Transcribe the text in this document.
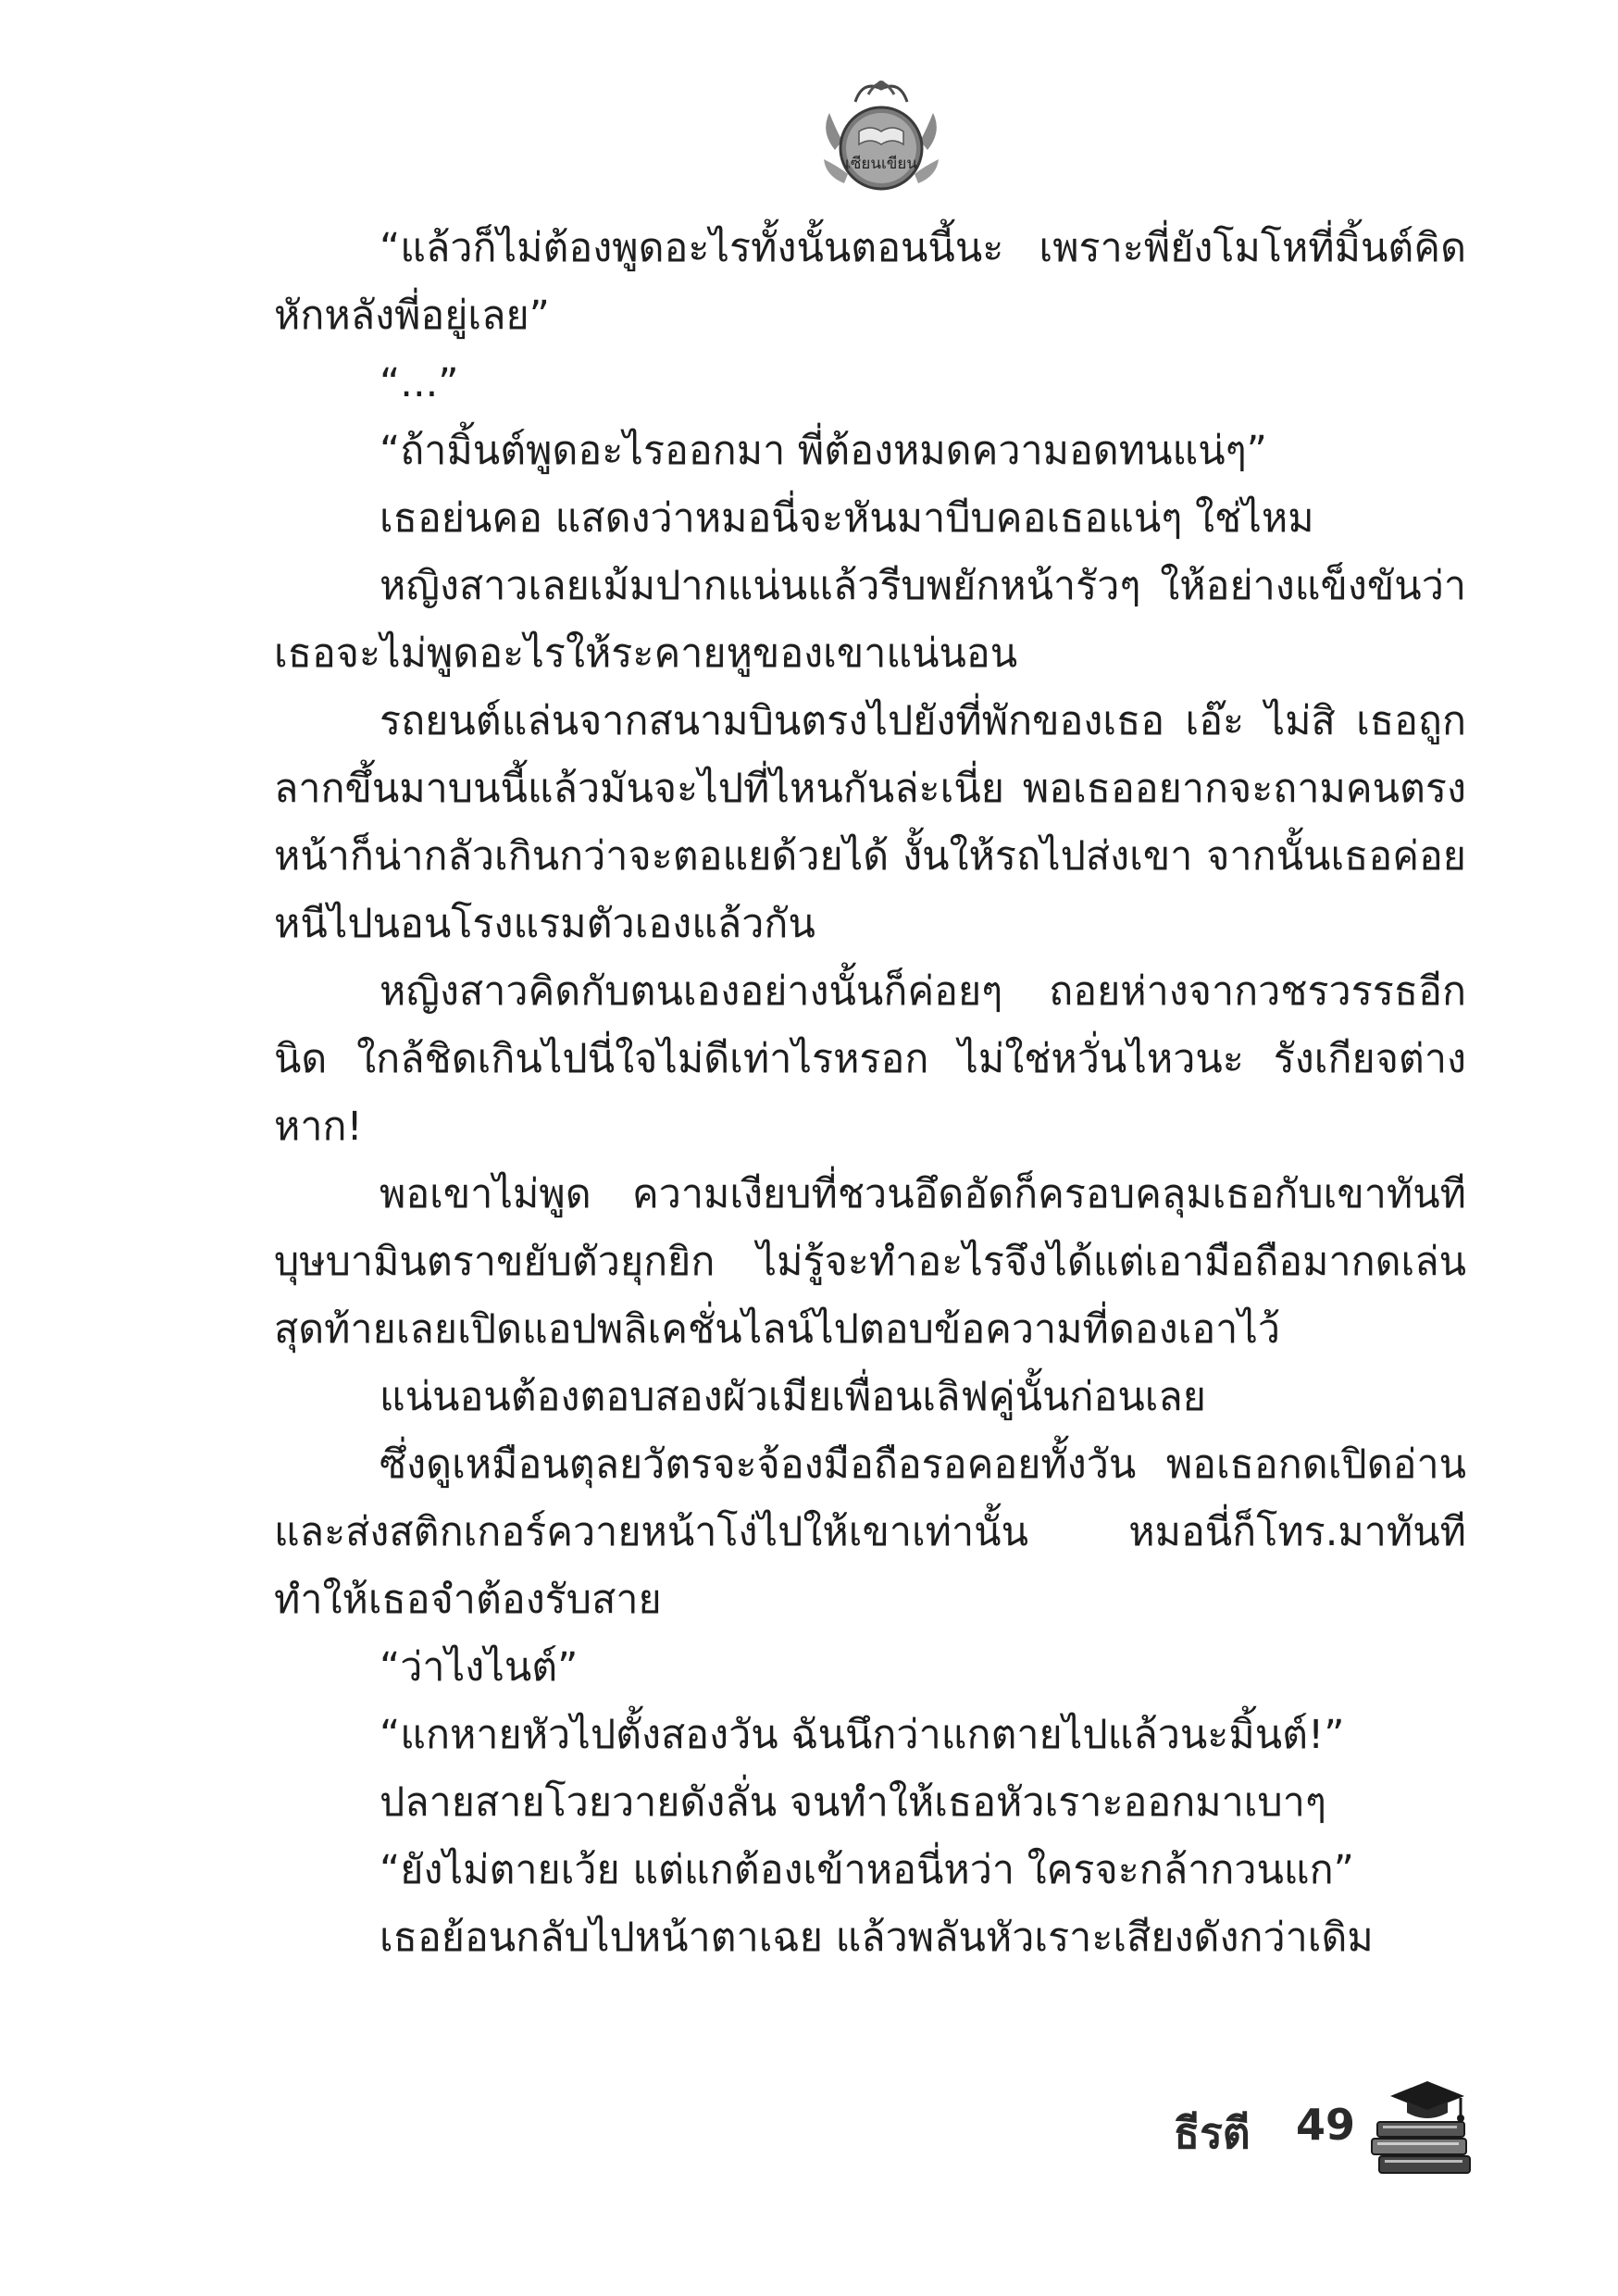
เซียนเขียน

“แล้วก็ไม่ต้องพูดอะไรทั้งนั้นตอนนี้นะ เพราะพี่ยังโมโหที่มิ้นต์คิดหักหลังพี่อยู่เลย”

“...”

“ถ้ามิ้นต์พูดอะไรออกมา พี่ต้องหมดความอดทนแน่ๆ”

เธอย่นคอ แสดงว่าหมอนี่จะหันมาบีบคอเธอแน่ๆ ใช่ไหม

หญิงสาวเลยเม้มปากแน่นแล้วรีบพยักหน้ารัวๆ ให้อย่างแข็งขันว่าเธอจะไม่พูดอะไรให้ระคายหูของเขาแน่นอน

รถยนต์แล่นจากสนามบินตรงไปยังที่พักของเธอ เอ๊ะ ไม่สิ เธอถูกลากขึ้นมาบนนี้แล้วมันจะไปที่ไหนกันล่ะเนี่ย พอเธออยากจะถามคนตรงหน้าก็น่ากลัวเกินกว่าจะตอแยด้วยได้ งั้นให้รถไปส่งเขา จากนั้นเธอค่อยหนีไปนอนโรงแรมตัวเองแล้วกัน

หญิงสาวคิดกับตนเองอย่างนั้นก็ค่อยๆ ถอยห่างจากวชรวรรธอีกนิด ใกล้ชิดเกินไปนี่ใจไม่ดีเท่าไรหรอก ไม่ใช่หวั่นไหวนะ รังเกียจต่างหาก!

พอเขาไม่พูด ความเงียบที่ชวนอึดอัดก็ครอบคลุมเธอกับเขาทันทีบุษบามินตราขยับตัวยุกยิก ไม่รู้จะทำอะไรจึงได้แต่เอามือถือมากดเล่นสุดท้ายเลยเปิดแอปพลิเคชั่นไลน์ไปตอบข้อความที่ดองเอาไว้

แน่นอนต้องตอบสองผัวเมียเพื่อนเลิฟคู่นั้นก่อนเลย

ซึ่งดูเหมือนตุลยวัตรจะจ้องมือถือรอคอยทั้งวัน พอเธอกดเปิดอ่านและส่งสติกเกอร์ควายหน้าโง่ไปให้เขาเท่านั้น หมอนี่ก็โทร.มาทันทีทำให้เธอจำต้องรับสาย

“ว่าไงไนต์”

“แกหายหัวไปตั้งสองวัน ฉันนึกว่าแกตายไปแล้วนะมิ้นต์!”

ปลายสายโวยวายดังลั่น จนทำให้เธอหัวเราะออกมาเบาๆ

“ยังไม่ตายเว้ย แต่แกต้องเข้าหอนี่หว่า ใครจะกล้ากวนแก”

เธอย้อนกลับไปหน้าตาเฉย แล้วพลันหัวเราะเสียงดังกว่าเดิม

ธีรตี 49
